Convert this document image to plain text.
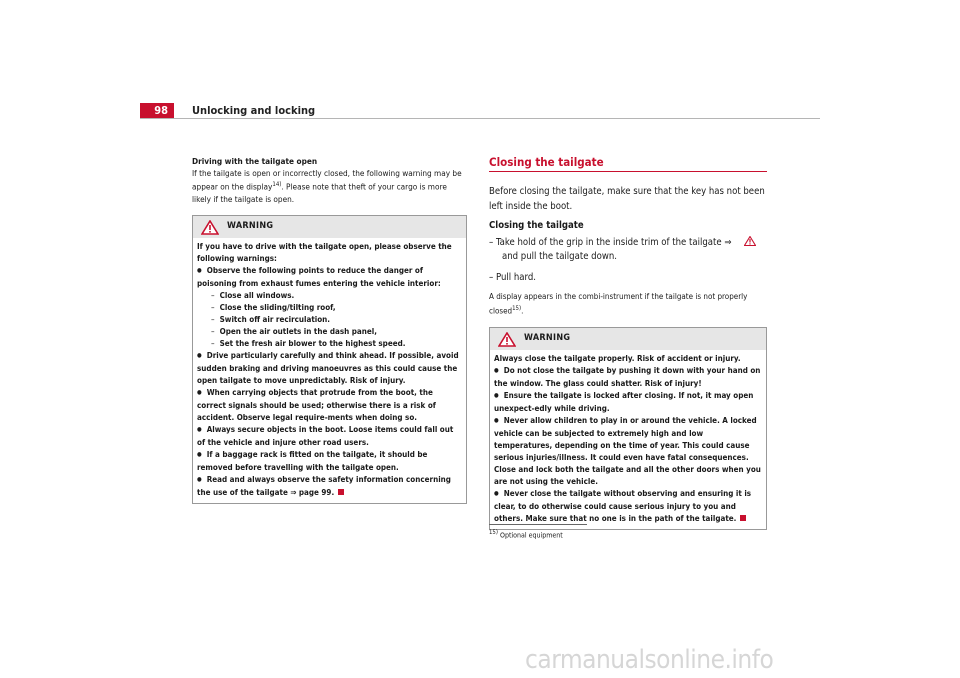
98	Unlocking and locking
Driving with the tailgate open

If the tailgate is open or incorrectly closed, the following warning may be appear on the display$^{14)}$. Please note that theft of your cargo is more likely if the tailgate is open.

WARNING

If you have to drive with the tailgate open, please observe the following warnings:

● Observe the following points to reduce the danger of poisoning from exhaust fumes entering the vehicle interior:

– Close all windows.

– Close the sliding/tilting roof,

– Switch off air recirculation.

– Open the air outlets in the dash panel,

– Set the fresh air blower to the highest speed.

● Drive particularly carefully and think ahead. If possible, avoid sudden braking and driving manoeuvres as this could cause the open tailgate to move unpredictably. Risk of injury.

● When carrying objects that protrude from the boot, the correct signals should be used; otherwise there is a risk of accident. Observe legal require-ments when doing so.

● Always secure objects in the boot. Loose items could fall out of the vehicle and injure other road users.

● If a baggage rack is fitted on the tailgate, it should be removed before travelling with the tailgate open.

● Read and always observe the safety information concerning the use of the tailgate ⇒ page 99.

Closing the tailgate

Before closing the tailgate, make sure that the key has not been left inside the boot.

Closing the tailgate

– Take hold of the grip in the inside trim of the tailgate ⇒  and pull the tailgate down.

– Pull hard.

A display appears in the combi-instrument if the tailgate is not properly closed$^{15)}$.

WARNING

Always close the tailgate properly. Risk of accident or injury.

● Do not close the tailgate by pushing it down with your hand on the window. The glass could shatter. Risk of injury!

● Ensure the tailgate is locked after closing. If not, it may open unexpect-edly while driving.

● Never allow children to play in or around the vehicle. A locked vehicle can be subjected to extremely high and low temperatures, depending on the time of year. This could cause serious injuries/illness. It could even have fatal consequences. Close and lock both the tailgate and all the other doors when you are not using the vehicle.

● Never close the tailgate without observing and ensuring it is clear, to do otherwise could cause serious injury to you and others. Make sure that no one is in the path of the tailgate.

$^{15)}$ Optional equipment
carmanualsonline.info
